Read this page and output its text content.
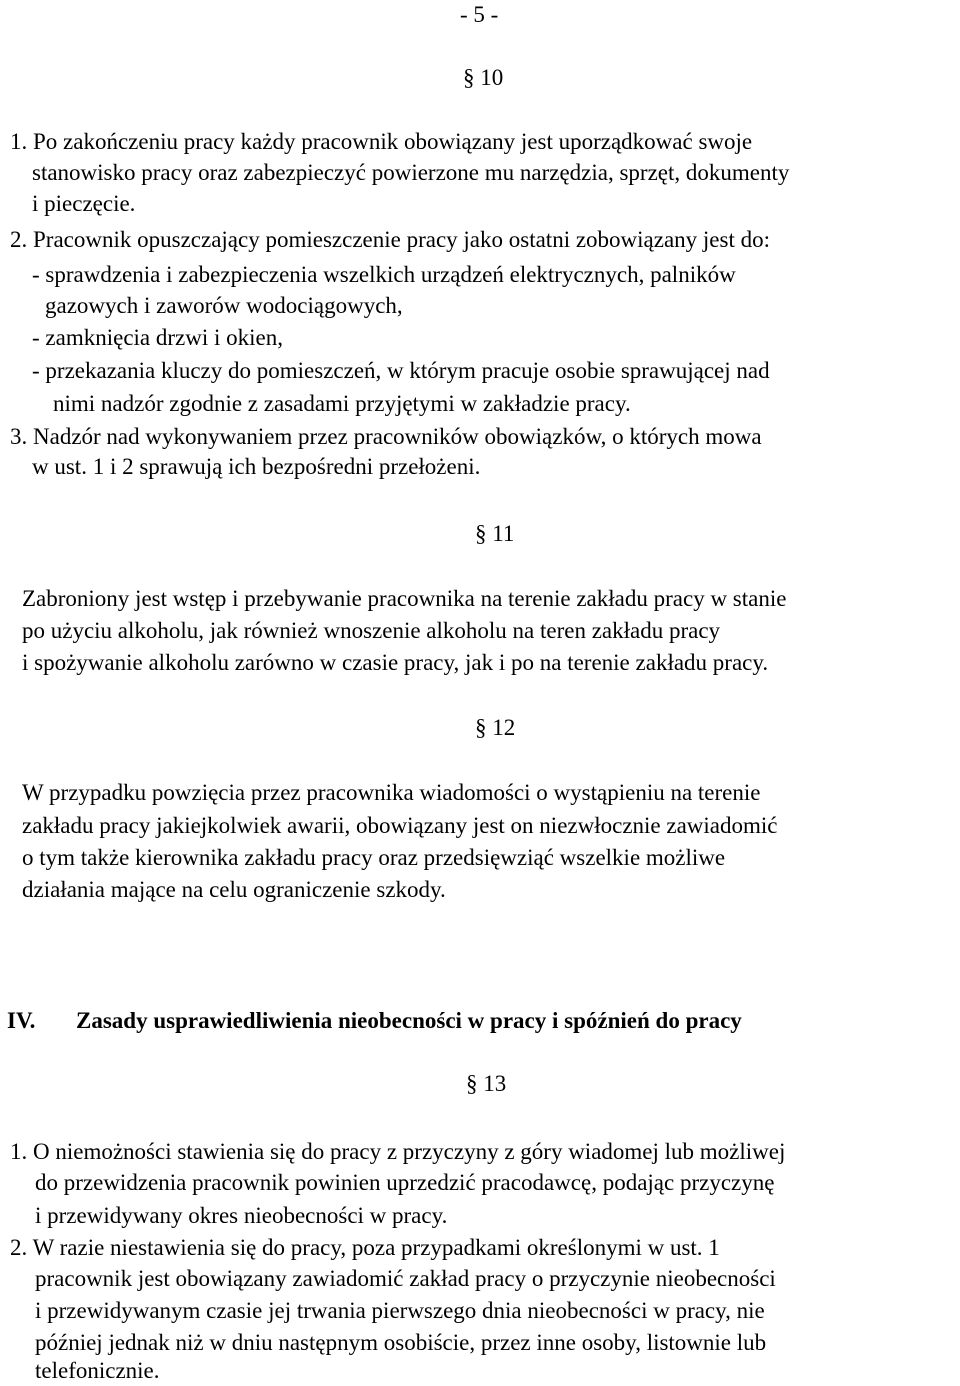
- 5 -
§ 10
1. Po zakończeniu pracy każdy pracownik obowiązany jest uporządkować swoje
stanowisko pracy oraz zabezpieczyć powierzone mu narzędzia, sprzęt, dokumenty
i pieczęcie.
2. Pracownik opuszczający pomieszczenie pracy jako ostatni zobowiązany jest do:
- sprawdzenia i zabezpieczenia wszelkich urządzeń elektrycznych, palników
gazowych i zaworów wodociągowych,
- zamknięcia drzwi i okien,
- przekazania kluczy do pomieszczeń, w którym pracuje osobie sprawującej nad
nimi nadzór zgodnie z zasadami przyjętymi w zakładzie pracy.
3. Nadzór nad wykonywaniem przez pracowników obowiązków, o których mowa
w ust. 1 i 2 sprawują ich bezpośredni przełożeni.
§ 11
Zabroniony jest wstęp i przebywanie pracownika na terenie zakładu pracy w stanie
po użyciu alkoholu, jak również wnoszenie alkoholu na teren zakładu pracy
i spożywanie alkoholu zarówno w czasie pracy, jak i po na terenie zakładu pracy.
§ 12
W przypadku powzięcia przez pracownika wiadomości o wystąpieniu na terenie
zakładu pracy jakiejkolwiek awarii, obowiązany jest on niezwłocznie zawiadomić
o tym także kierownika zakładu pracy oraz przedsięwziąć wszelkie możliwe
działania mające na celu ograniczenie szkody.
IV. Zasady usprawiedliwienia nieobecności w pracy i spóźnień do pracy
§ 13
1. O niemożności stawienia się do pracy z przyczyny z góry wiadomej lub możliwej
do przewidzenia pracownik powinien uprzedzić pracodawcę, podając przyczynę
i przewidywany okres nieobecności w pracy.
2. W razie niestawienia się do pracy, poza przypadkami określonymi w ust. 1
pracownik jest obowiązany zawiadomić zakład pracy o przyczynie nieobecności
i przewidywanym czasie jej trwania pierwszego dnia nieobecności w pracy, nie
później jednak niż w dniu następnym osobiście, przez inne osoby, listownie lub
telefonicznie.
